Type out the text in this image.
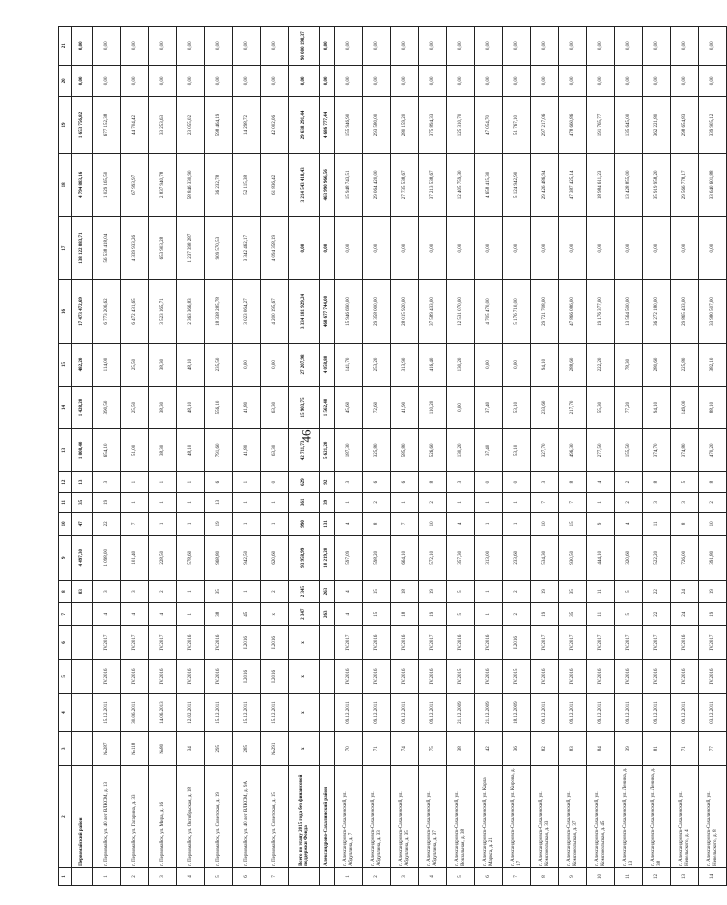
46
1	2	3	4	5	6	7	8	9	10	11	12	13	14	15	16	17	18	19	20	21
	Первомайский район						83	4 497,30	47	35	13	1 808,40	1 428,20	482,20	17 473 472,69	138 122 883,71	4 794 883,16	1 653 756,82	0,00	0,00
1	г. Первомайск, ул. 40 лет ВЛКСМ, д. 13	№287	15.12.2011	IV.2016	IV.2017	4	3	1 098,00	22	19	3	654,10	390,50	114,00	6 773 206,62	56 538 418,04	1 029 165,50	677 152,38	0,00	0,00
2	г. Первомайск, ул. Гагарина, д. 33	№118	30.06.2011	IV.2016	IV.2017	4	3	101,40	7	1	1	51,00	25,50	25,50	6 472 431,65	4 339 933,26	67 993,97	44 704,42	0,00	0,00
3	г. Первомайск, ул. Мира, д. 16	№80	14.06.2013	IV.2016	IV.2017	4	2	228,50	1	1	1	38,30	38,30	38,30	3 523 165,71	653 903,28	2 837 940,78	33 253,63	0,00	0,00
4	г. Первомайск, ул. Октябрьская, д. 18	34	12.02.2011	IV.2016	IV.2016	1	1	578,60	1	1	1	48,10	48,10	48,10	2 363 366,83	1 237 398 287	58 846 330,90	23 055,02	0,00	0,00
5	г. Первомайск, ул. Советская, д. 19	295	15.12.2011	IV.2016	IV.2016	38	35	968,80	19	13	6	791,60	556,10	235,50	18 338 285,78	909 570,53	36 232,78	598 464,19	0,00	0,00
6	г. Первомайск, ул. 40 лет ВЛКСМ, д. 9А	285	15.12.2011	I.2016	I.2016	45	1	942,50	1	1	1	41,80	41,80	0,00	3 023 064,27	3 342 462,17	52 115,38	14 298,72	0,00	0,00
7	г. Первомайск, ул. Советская, д. 15	№291	15.12.2011	I.2016	I.2016	x	2	620,60	1	1	0	63,30	63,30	0,00	4 200 195,67	4 094 358,19	61 836,42	42 002,06	0,00	0,00
	Всего по этапу 2015 года без финансовой поддержки Фонда	x	x	x	x	2 347	2 345	93 958,99	990	361	629	42 711,73	15 903,75	27 207,98	3 334 181 929,24	0,00	3 214 543 418,43	29 638 291,44	0,00	90 000 198,37
	Александрово-Сахалинский район					263	263	10 219,20	131	39	92	5 621,20	1 562,40	4 058,80	468 677 744,00	0,00	463 990 966,56	4 686 777,44	0,00	0,00
1	г. Александровск-Сахалинский, ул. Абдуллина, д. 7	70	09.12.2011	IV.2016	IV.2017	4	4	597,09	4	1	3	187,30	45,60	141,70	15 946 690,00	0,00	15 948 743,51	155 946,90	0,00	0,00
2	г. Александровск-Сахалинский, ул. Абдуллина, д. 33	71	09.12.2011	IV.2016	IV.2016	15	15	598,20	8	2	6	325,80	72,60	253,20	29 358 000,00	0,00	29 064 420,00	293 580,00	0,00	0,00
3	г. Александровск-Сахалинский, ул. Абдуллина, д. 35	74	09.12.2011	IV.2016	IV.2016	18	18	664,10	7	1	6	585,80	41,90	313,90	28 015 920,00	0,00	27 735 538,67	280 159,20	0,00	0,00
4	г. Александровск-Сахалинский, ул. Абдуллина, д. 37	75	09.12.2011	IV.2016	IV.2017	19	19	572,10	10	2	8	526,60	110,20	416,40	37 589 433,00	0,00	37 213 538,67	375 894,33	0,00	0,00
5	г. Александровск-Сахалинский, ул. Вокзальная, д. 38	38	21.12.2009	IV.2015	IV.2016	5	5	357,30	4	1	3	130,20	0,00	130,20	12 531 070,00	0,00	12 405 759,30	125 310,70	0,00	0,00
6	г. Александровск-Сахалинский, ул. Карла Маркса, д. 21	42	21.12.2009	IV.2016	IV.2016	1	1	313,00	1	1	0	37,40	37,40	0,00	4 705 470,00	0,00	4 658 415,30	47 054,70	0,00	0,00
7	г. Александровск-Сахалинский, ул. Кирова, д. 17	36	18.12.2009	IV.2015	I.2016	2	2	233,60	1	1	0	53,10	53,10	0,00	5 176 710,00	0,00	5 124 942,90	51 767,10	0,00	0,00
8	г. Александровск-Сахалинский, ул. Комсомольская, д. 33	82	09.12.2011	IV.2016	IV.2017	19	19	534,30	10	7	3	327,70	233,60	94,10	29 721 708,00	0,00	29 426 486,94	297 217,06	0,00	0,00
9	г. Александровск-Сахалинский, ул. Комсомольская, д. 37	83	09.12.2011	IV.2016	IV.2017	35	35	930,50	15	7	8	496,30	217,70	288,60	47 866 086,00	0,00	47 387 425,14	478 660,86	0,00	0,00
10	г. Александровск-Сахалинский, ул. Комсомольская, д. 45	84	09.12.2011	IV.2016	IV.2017	11	11	444,10	9	1	4	277,50	55,30	222,20	19 176 377,00	0,00	18 984 611,23	191 765,77	0,00	0,00
11	г. Александровск-Сахалинский, ул. Ленина, д. 13	39	09.12.2011	IV.2016	IV.2017	5	5	320,60	4	2	2	155,50	77,20	78,30	13 564 500,00	0,00	13 428 855,00	135 645,00	0,00	0,00
12	г. Александровск-Сахалинский, ул. Ленина, д. 38	81	09.12.2011	IV.2016	IV.2017	22	22	522,20	11	3	8	374,70	94,10	280,60	36 272 180,00	0,00	35 919 958,20	362 221,80	0,00	0,00
13	г. Александровск-Сахалинский, ул. Невельского, д. 4	71	09.12.2011	IV.2016	IV.2016	24	24	726,00	8	3	5	374,80	149,00	225,80	29 865 433,00	0,00	29 566 778,17	298 654,83	0,00	0,00
14	г. Александровск-Сахалинский, ул. Невельского, д. 8	77	03.12.2011	IV.2016	IV.2017	19	19	391,80	10	2	8	470,20	88,10	382,10	33 980 507,00	0,00	33 640 601,88	339 905,12	0,00	0,00
